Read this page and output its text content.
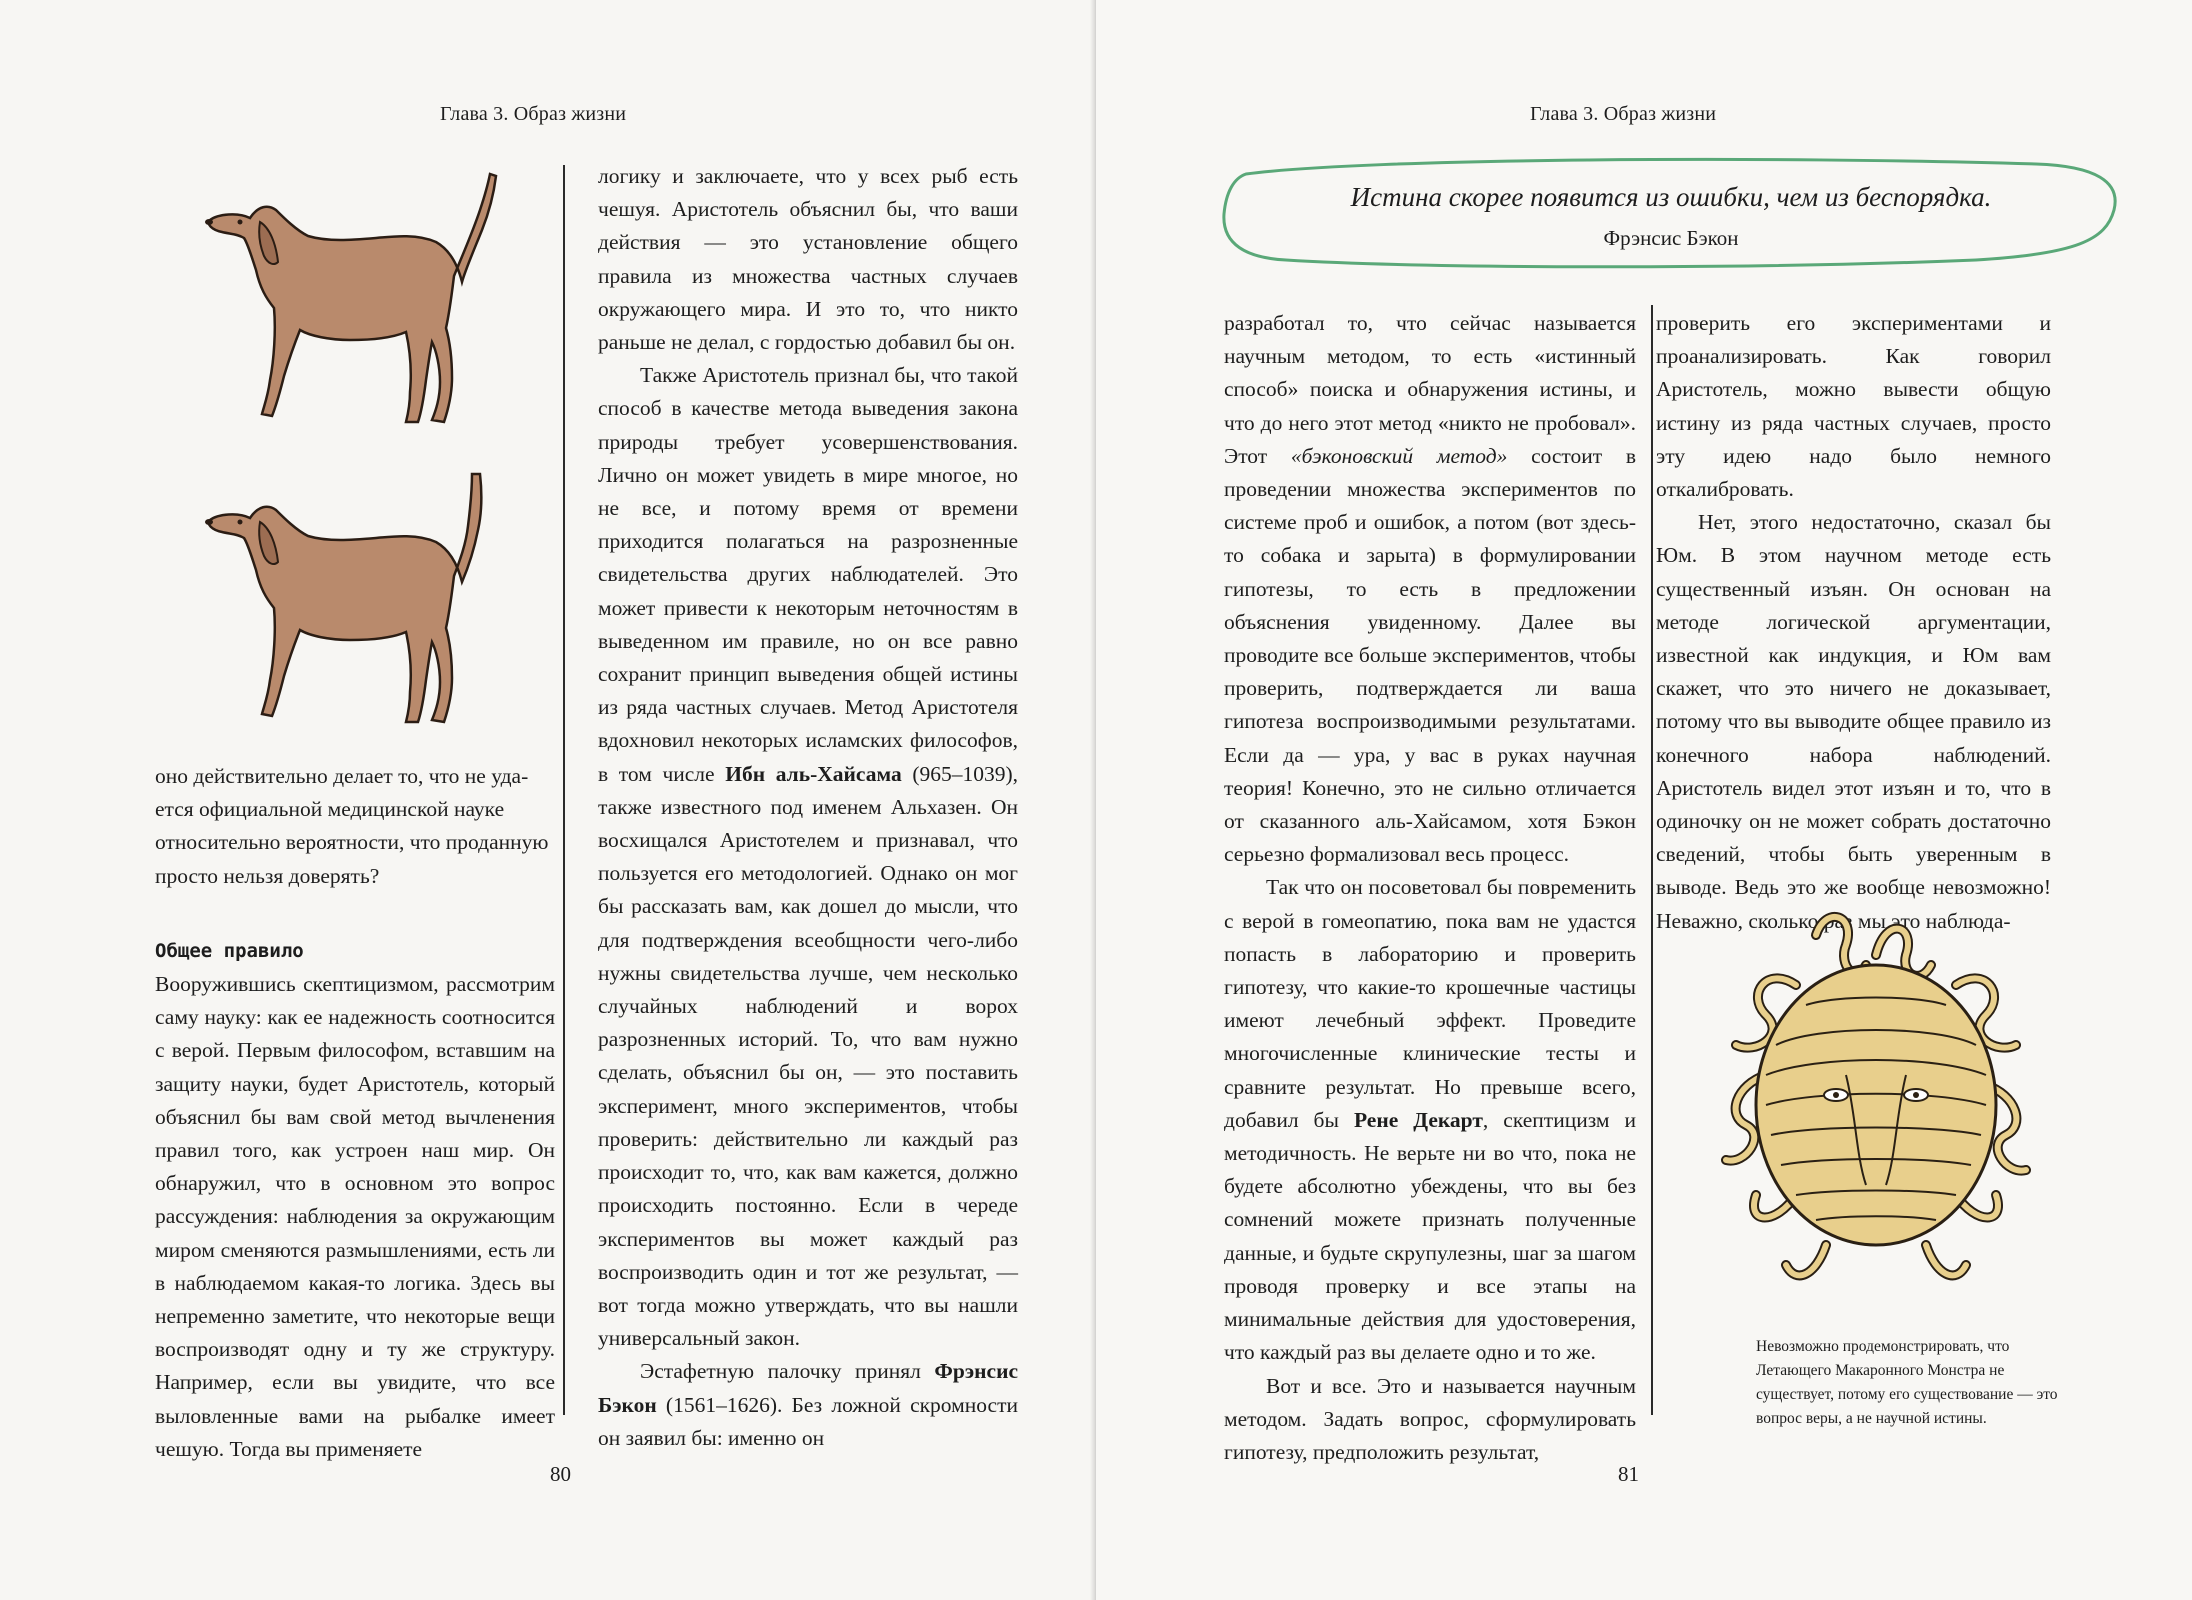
Глава 3. Образ жизни

оно действительно делает то, что не уда-
ется официальной медицинской науке
относительно вероятности, что проданную
просто нельзя доверять?

Общее правило

Вооружившись скептицизмом, рассмотрим саму науку: как ее надежность соотносится с верой. Первым философом, вставшим на защиту науки, будет Аристотель, который объяснил бы вам свой метод вычленения правил того, как устроен наш мир. Он обнаружил, что в основном это вопрос рассуждения: наблюдения за окружающим миром сменяются размышлениями, есть ли в наблюдаемом какая-то логика. Здесь вы непременно заметите, что некоторые вещи воспроизводят одну и ту же структуру. Например, если вы увидите, что все выловленные вами на рыбалке имеет чешую. Тогда вы применяете

логику и заключаете, что у всех рыб есть чешуя. Аристотель объяснил бы, что ваши действия — это установление общего правила из множества частных случаев окружающего мира. И это то, что никто раньше не делал, с гордостью добавил бы он.

Также Аристотель признал бы, что такой способ в качестве метода выведения закона природы требует усовершенствования. Лично он может увидеть в мире многое, но не все, и потому время от времени приходится полагаться на разрозненные свидетельства других наблюдателей. Это может привести к некоторым неточностям в выведенном им правиле, но он все равно сохранит принцип выведения общей истины из ряда частных случаев. Метод Аристотеля вдохновил некоторых исламских философов, в том числе Ибн аль-Хайсама (965–1039), также известного под именем Альхазен. Он восхищался Аристотелем и признавал, что пользуется его методологией. Однако он мог бы рассказать вам, как дошел до мысли, что для подтверждения всеобщности чего-либо нужны свидетельства лучше, чем несколько случайных наблюдений и ворох разрозненных историй. То, что вам нужно сделать, объяснил бы он, — это поставить эксперимент, много экспериментов, чтобы проверить: действительно ли каждый раз происходит то, что, как вам кажется, должно происходить постоянно. Если в череде экспериментов вы может каждый раз воспроизводить один и тот же результат, — вот тогда можно утверждать, что вы нашли универсальный закон.

Эстафетную палочку принял Фрэнсис Бэкон (1561–1626). Без ложной скромности он заявил бы: именно он

80
Глава 3. Образ жизни
Истина скорее появится из ошибки, чем из беспорядка.
Фрэнсис Бэкон

разработал то, что сейчас называется научным методом, то есть «истинный способ» поиска и обнаружения истины, и что до него этот метод «никто не пробовал». Этот «бэконовский метод» состоит в проведении множества экспериментов по системе проб и ошибок, а потом (вот здесь-то собака и зарыта) в формулировании гипотезы, то есть в предложении объяснения увиденному. Далее вы проводите все больше экспериментов, чтобы проверить, подтверждается ли ваша гипотеза воспроизводимыми результатами. Если да — ура, у вас в руках научная теория! Конечно, это не сильно отличается от сказанного аль-Хайсамом, хотя Бэкон серьезно формализовал весь процесс.

Так что он посоветовал бы повременить с верой в гомеопатию, пока вам не удастся попасть в лабораторию и проверить гипотезу, что какие-то крошечные частицы имеют лечебный эффект. Проведите многочисленные клинические тесты и сравните результат. Но превыше всего, добавил бы Рене Декарт, скептицизм и методичность. Не верьте ни во что, пока не будете абсолютно убеждены, что вы без сомнений можете признать полученные данные, и будьте скрупулезны, шаг за шагом проводя проверку и все этапы на минимальные действия для удостоверения, что каждый раз вы делаете одно и то же.

Вот и все. Это и называется научным методом. Задать вопрос, сформулировать гипотезу, предположить результат,

проверить его экспериментами и проанализировать. Как говорил Аристотель, можно вывести общую истину из ряда частных случаев, просто эту идею надо было немного откалибровать.

Нет, этого недостаточно, сказал бы Юм. В этом научном методе есть существенный изъян. Он основан на методе логической аргументации, известной как индукция, и Юм вам скажет, что это ничего не доказывает, потому что вы выводите общее правило из конечного набора наблюдений. Аристотель видел этот изъян и то, что в одиночку он не может собрать достаточно сведений, чтобы быть уверенным в выводе. Ведь это же вообще невозможно! Неважно, сколько раз мы это наблюда-

Невозможно продемонстрировать, что Летающего Макаронного Монстра не существует, потому его существование — это вопрос веры, а не научной истины.
81
